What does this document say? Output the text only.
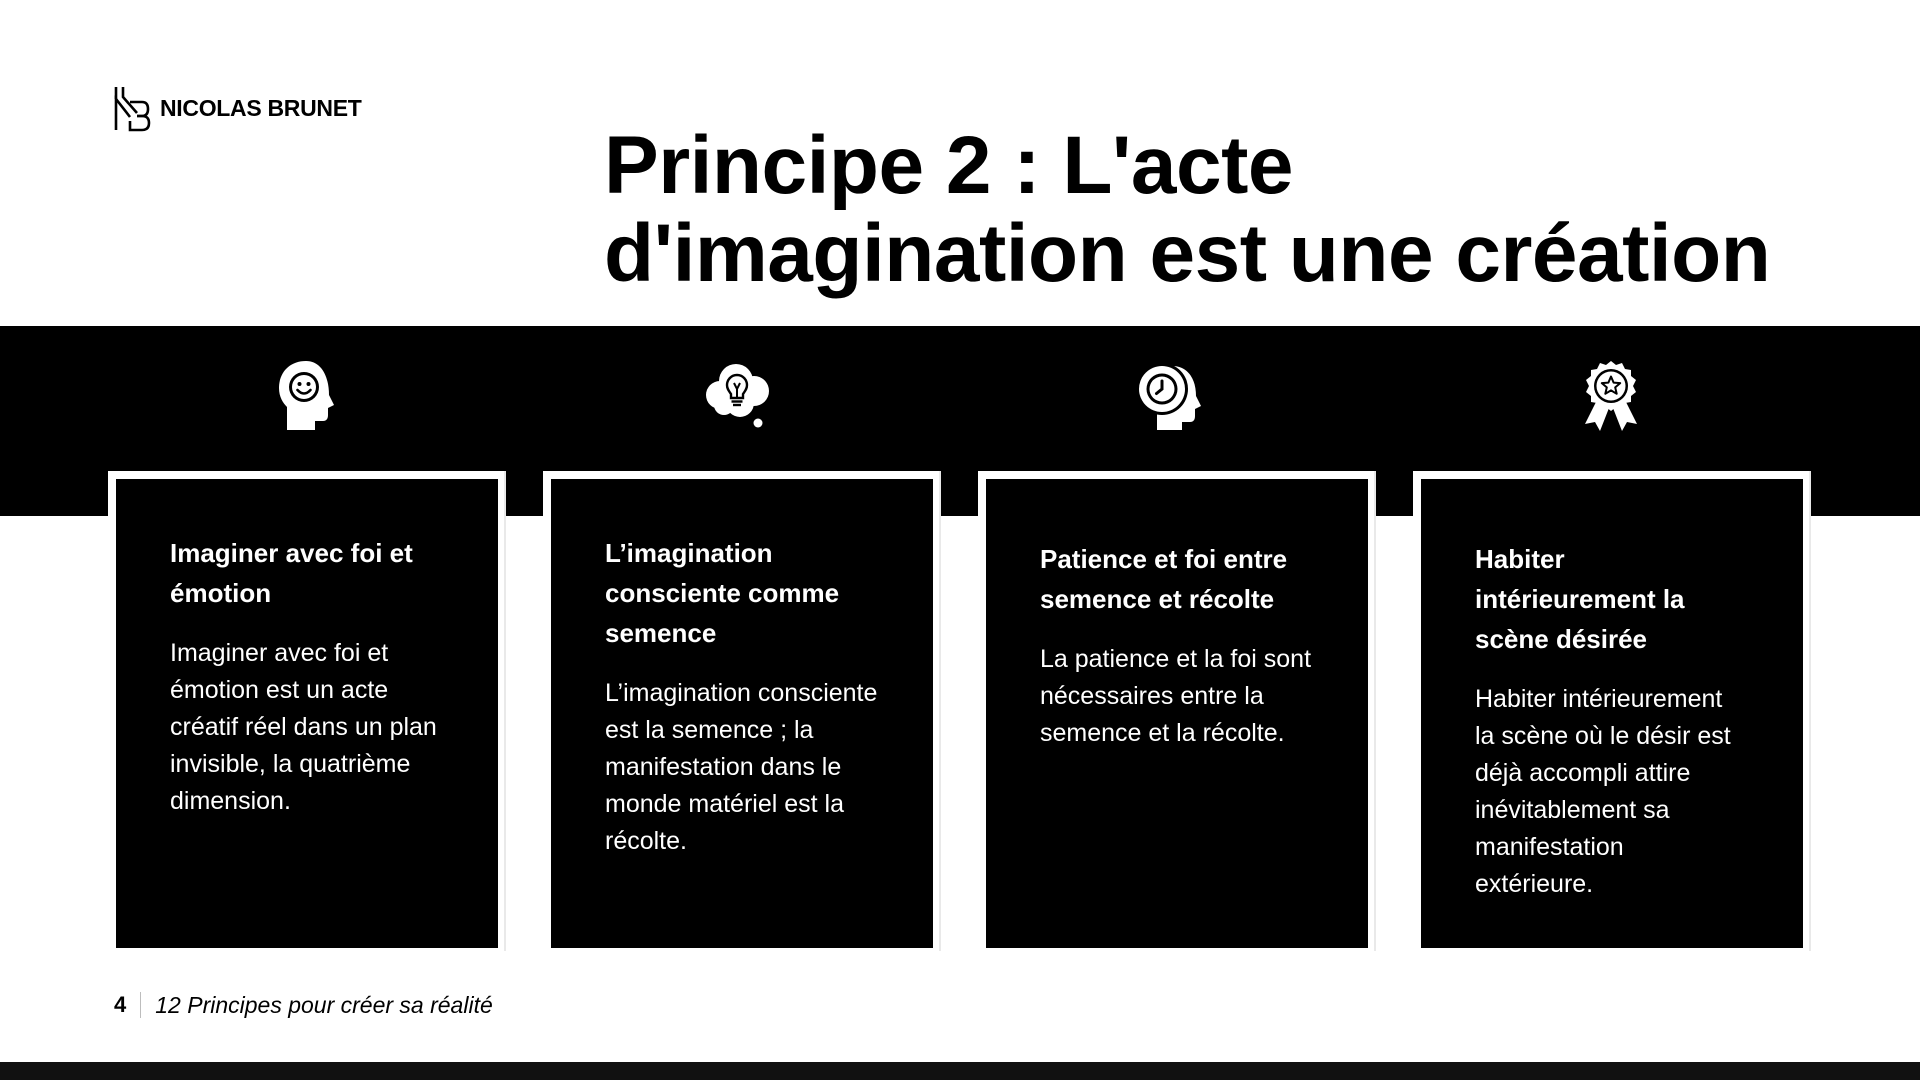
NICOLAS BRUNET
Principe 2 : L'acte d'imagination est une création
Imaginer avec foi et émotion

Imaginer avec foi et émotion est un acte créatif réel dans un plan invisible, la quatrième dimension.

L’imagination consciente comme semence

L’imagination consciente est la semence ; la manifestation dans le monde matériel est la récolte.

Patience et foi entre semence et récolte

La patience et la foi sont nécessaires entre la semence et la récolte.

Habiter intérieurement la scène désirée

Habiter intérieurement la scène où le désir est déjà accompli attire inévitablement sa manifestation extérieure.

4 12 Principes pour créer sa réalité
